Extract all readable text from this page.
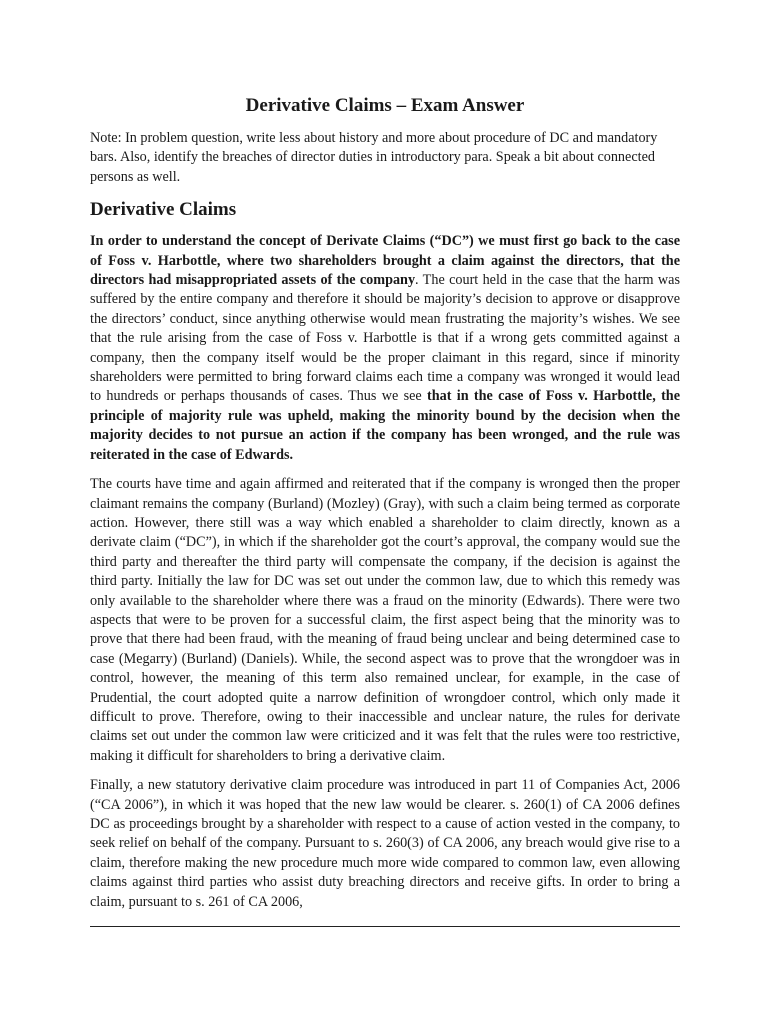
Derivative Claims – Exam Answer

Note: In problem question, write less about history and more about procedure of DC and mandatory bars. Also, identify the breaches of director duties in introductory para. Speak a bit about connected persons as well.

Derivative Claims

In order to understand the concept of Derivate Claims (“DC”) we must first go back to the case of Foss v. Harbottle, where two shareholders brought a claim against the directors, that the directors had misappropriated assets of the company. The court held in the case that the harm was suffered by the entire company and therefore it should be majority’s decision to approve or disapprove the directors’ conduct, since anything otherwise would mean frustrating the majority’s wishes. We see that the rule arising from the case of Foss v. Harbottle is that if a wrong gets committed against a company, then the company itself would be the proper claimant in this regard, since if minority shareholders were permitted to bring forward claims each time a company was wronged it would lead to hundreds or perhaps thousands of cases. Thus we see that in the case of Foss v. Harbottle, the principle of majority rule was upheld, making the minority bound by the decision when the majority decides to not pursue an action if the company has been wronged, and the rule was reiterated in the case of Edwards.

The courts have time and again affirmed and reiterated that if the company is wronged then the proper claimant remains the company (Burland) (Mozley) (Gray), with such a claim being termed as corporate action. However, there still was a way which enabled a shareholder to claim directly, known as a derivate claim (“DC”), in which if the shareholder got the court’s approval, the company would sue the third party and thereafter the third party will compensate the company, if the decision is against the third party. Initially the law for DC was set out under the common law, due to which this remedy was only available to the shareholder where there was a fraud on the minority (Edwards). There were two aspects that were to be proven for a successful claim, the first aspect being that the minority was to prove that there had been fraud, with the meaning of fraud being unclear and being determined case to case (Megarry) (Burland) (Daniels). While, the second aspect was to prove that the wrongdoer was in control, however, the meaning of this term also remained unclear, for example, in the case of Prudential, the court adopted quite a narrow definition of wrongdoer control, which only made it difficult to prove. Therefore, owing to their inaccessible and unclear nature, the rules for derivate claims set out under the common law were criticized and it was felt that the rules were too restrictive, making it difficult for shareholders to bring a derivative claim.

Finally, a new statutory derivative claim procedure was introduced in part 11 of Companies Act, 2006 (“CA 2006”), in which it was hoped that the new law would be clearer. s. 260(1) of CA 2006 defines DC as proceedings brought by a shareholder with respect to a cause of action vested in the company, to seek relief on behalf of the company. Pursuant to s. 260(3) of CA 2006, any breach would give rise to a claim, therefore making the new procedure much more wide compared to common law, even allowing claims against third parties who assist duty breaching directors and receive gifts. In order to bring a claim, pursuant to s. 261 of CA 2006,
